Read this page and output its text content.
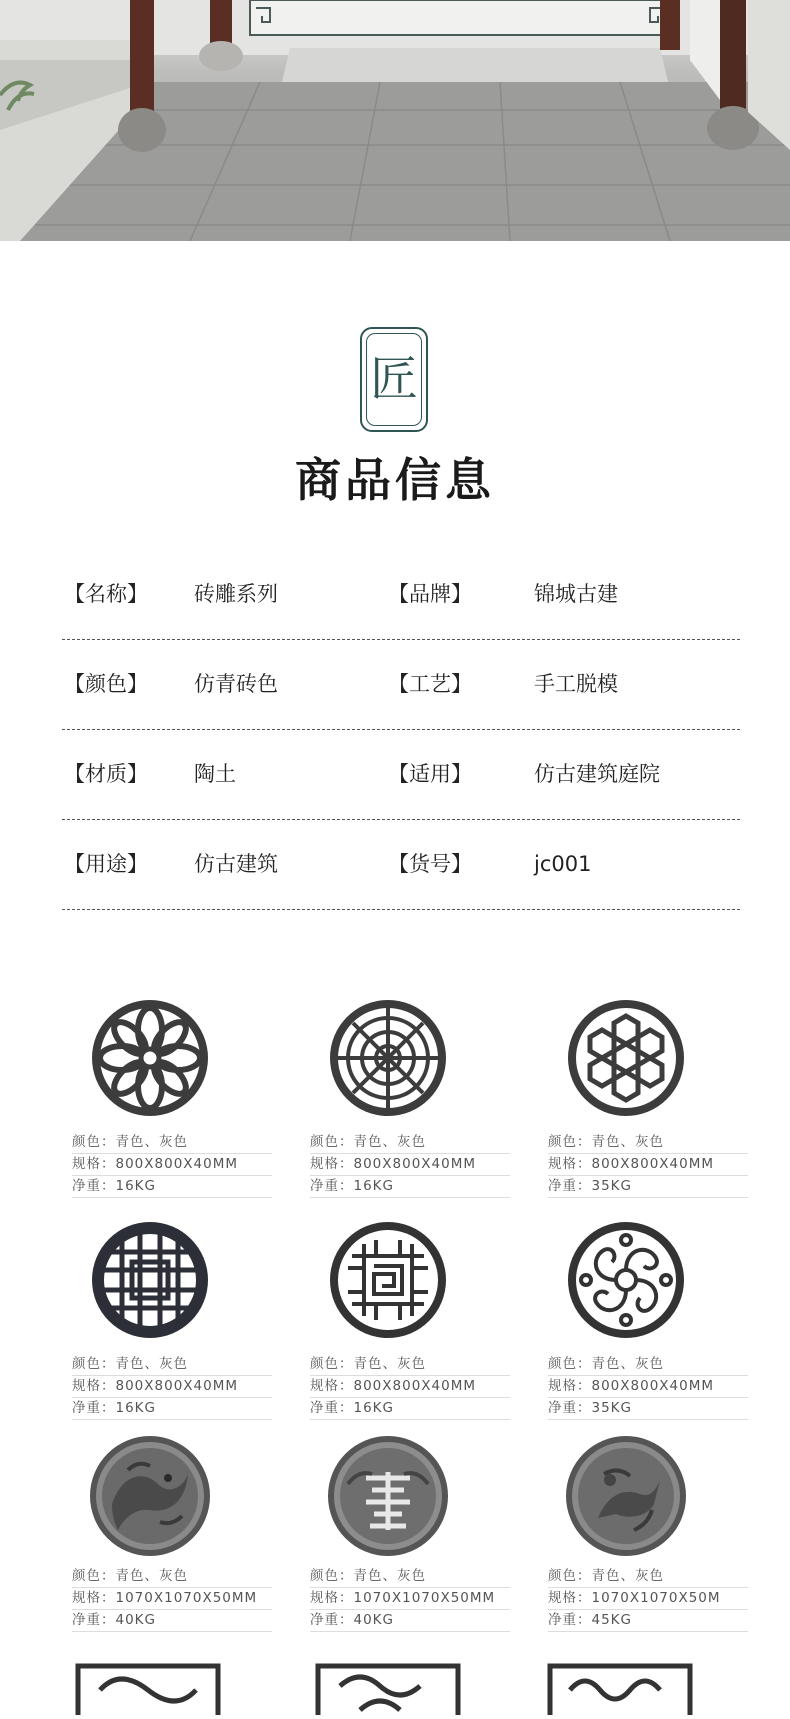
匠
商品信息
【名称】 砖雕系列	【品牌】	锦城古建
【颜色】 仿青砖色	【工艺】	手工脱模
【材质】 陶土	【适用】	仿古建筑庭院
【用途】 仿古建筑	【货号】	jc001
颜色：青色、灰色
规格：800X800X40MM
净重：16KG
颜色：青色、灰色
规格：800X800X40MM
净重：16KG
颜色：青色、灰色
规格：800X800X40MM
净重：35KG
颜色：青色、灰色
规格：800X800X40MM
净重：16KG
颜色：青色、灰色
规格：800X800X40MM
净重：16KG
颜色：青色、灰色
规格：800X800X40MM
净重：35KG
颜色：青色、灰色
规格：1070X1070X50MM
净重：40KG
颜色：青色、灰色
规格：1070X1070X50MM
净重：40KG
颜色：青色、灰色
规格：1070X1070X50M
净重：45KG
